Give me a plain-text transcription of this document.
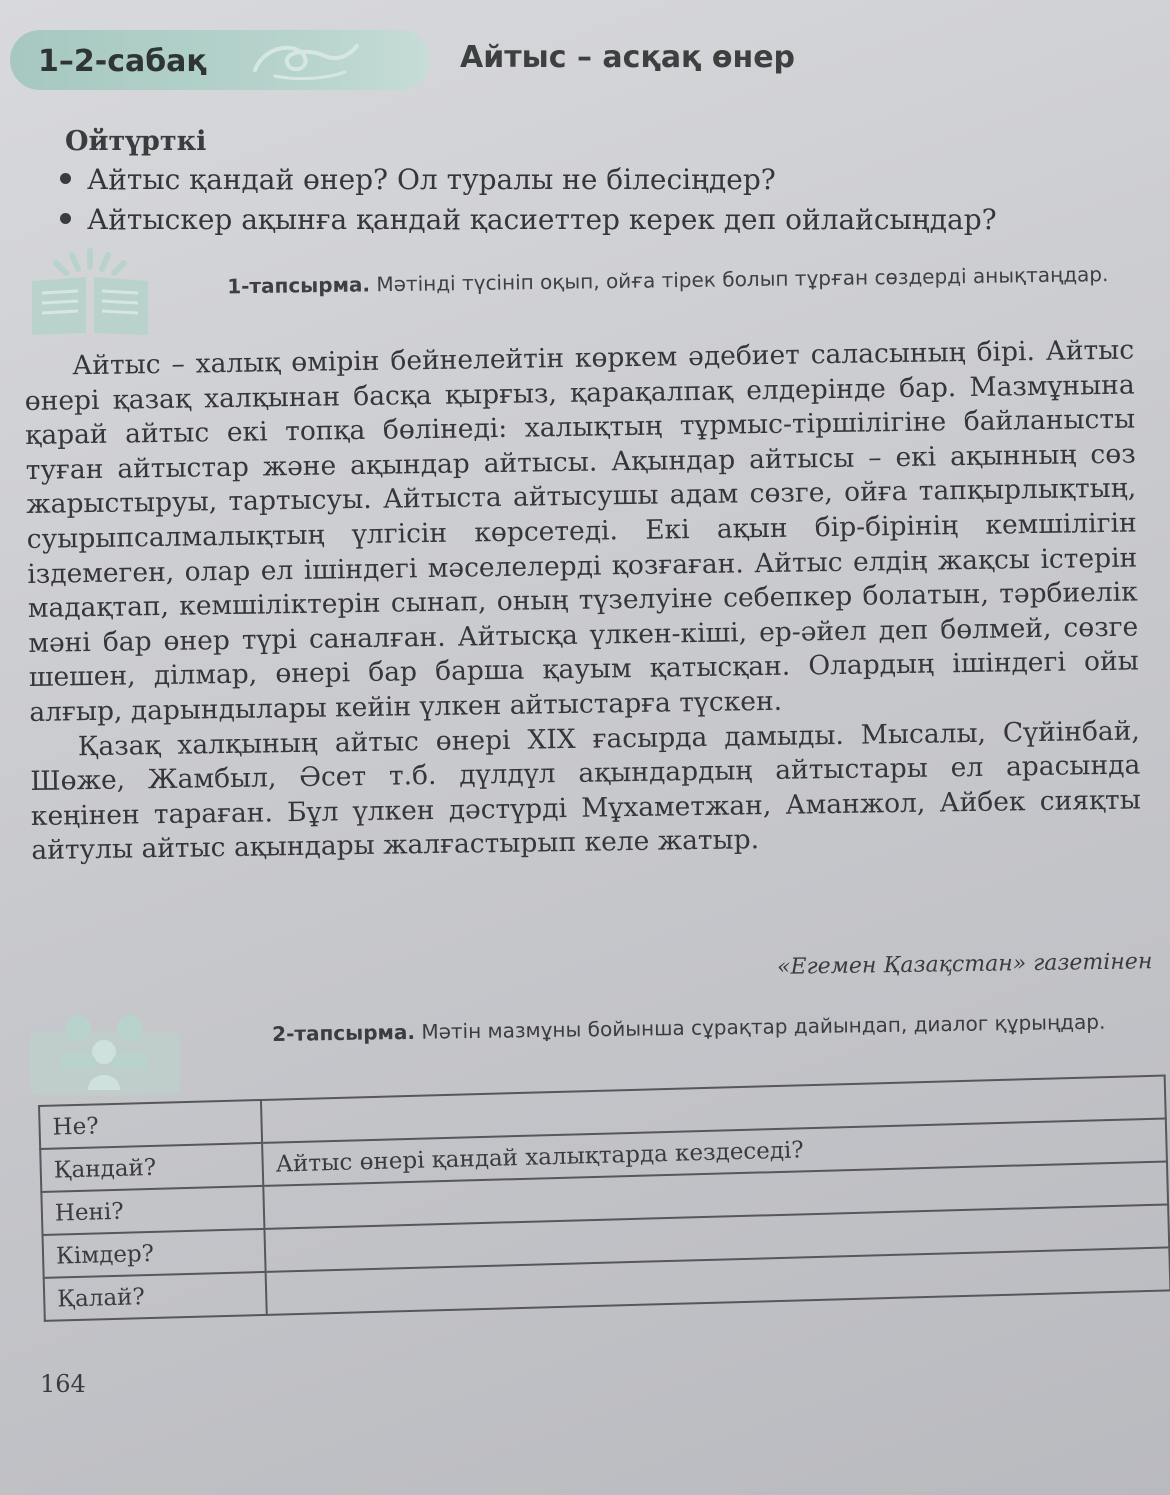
1–2-сабақ	Айтыс – асқақ өнер
Ойтүрткі
Айтыс қандай өнер? Ол туралы не білесіңдер?
Айтыскер ақынға қандай қасиеттер керек деп ойлайсыңдар?

1-тапсырма. Мәтінді түсініп оқып, ойға тірек болып тұрған сөздерді анықтаңдар.

Айтыс – халық өмірін бейнелейтін көркем әдебиет саласының бірі. Айтыс өнері қазақ халқынан басқа қырғыз, қарақалпақ елдерінде бар. Мазмұнына қарай айтыс екі топқа бөлінеді: халықтың тұрмыс-тіршілігіне байланысты туған айтыстар және ақындар айтысы. Ақындар айтысы – екі ақынның сөз жарыстыруы, тартысуы. Айтыста айтысушы адам сөзге, ойға тапқырлықтың, суырыпсалмалықтың үлгісін көрсетеді. Екі ақын бір-бірінің кемшілігін іздемеген, олар ел ішіндегі мәселелерді қозғаған. Айтыс елдің жақсы істерін мадақтап, кемшіліктерін сынап, оның түзелуіне себепкер болатын, тәрбиелік мәні бар өнер түрі саналған. Айтысқа үлкен-кіші, ер-әйел деп бөлмей, сөзге шешен, ділмар, өнері бар барша қауым қатысқан. Олардың ішіндегі ойы алғыр, дарындылары кейін үлкен айтыстарға түскен.

Қазақ халқының айтыс өнері XIX ғасырда дамыды. Мысалы, Сүйінбай, Шөже, Жамбыл, Әсет т.б. дүлдүл ақындардың айтыстары ел арасында кеңінен тараған. Бұл үлкен дәстүрді Мұхаметжан, Аманжол, Айбек сияқты айтулы айтыс ақындары жалғастырып келе жатыр.

«Егемен Қазақстан» газетінен

2-тапсырма. Мәтін мазмұны бойынша сұрақтар дайындап, диалог құрыңдар.

Не?	
Қандай?	Айтыс өнері қандай халықтарда кездеседі?
Нені?	
Кімдер?	
Қалай?	

164
